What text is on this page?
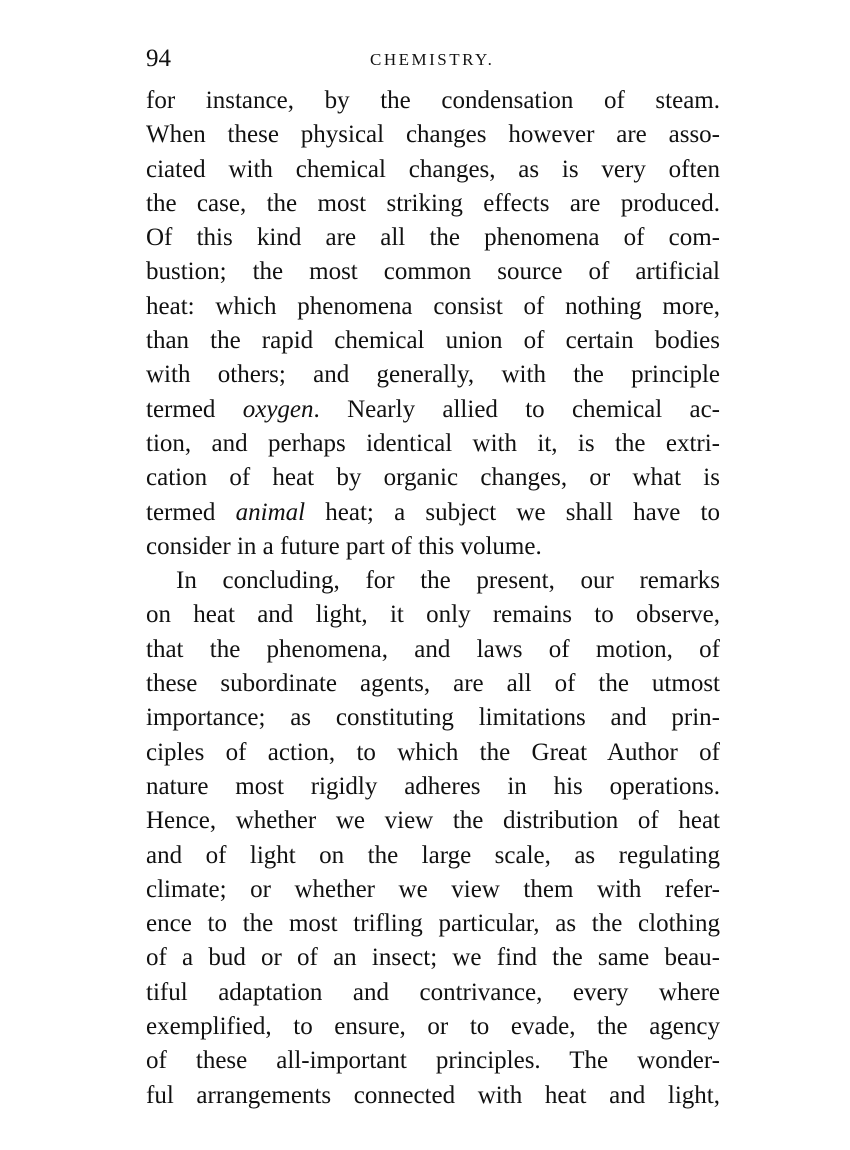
94	CHEMISTRY.
for instance, by the condensation of steam.
When these physical changes however are asso-
ciated with chemical changes, as is very often
the case, the most striking effects are produced.
Of this kind are all the phenomena of com-
bustion; the most common source of artificial
heat: which phenomena consist of nothing more,
than the rapid chemical union of certain bodies
with others; and generally, with the principle
termed oxygen. Nearly allied to chemical ac-
tion, and perhaps identical with it, is the extri-
cation of heat by organic changes, or what is
termed animal heat; a subject we shall have to
consider in a future part of this volume.
In concluding, for the present, our remarks
on heat and light, it only remains to observe,
that the phenomena, and laws of motion, of
these subordinate agents, are all of the utmost
importance; as constituting limitations and prin-
ciples of action, to which the Great Author of
nature most rigidly adheres in his operations.
Hence, whether we view the distribution of heat
and of light on the large scale, as regulating
climate; or whether we view them with refer-
ence to the most trifling particular, as the clothing
of a bud or of an insect; we find the same beau-
tiful adaptation and contrivance, every where
exemplified, to ensure, or to evade, the agency
of these all-important principles. The wonder-
ful arrangements connected with heat and light,
